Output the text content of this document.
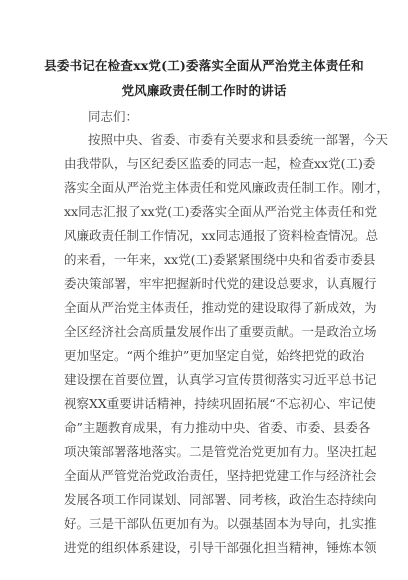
县委书记在检查xx党(工)委落实全面从严治党主体责任和
党风廉政责任制工作时的讲话
同志们：
按照中央、省委、市委有关要求和县委统一部署，今天
由我带队，与区纪委区监委的同志一起，检查xx党(工)委
落实全面从严治党主体责任和党风廉政责任制工作。刚才，
xx同志汇报了xx党(工)委落实全面从严治党主体责任和党
风廉政责任制工作情况，xx同志通报了资料检查情况。总
的来看，一年来，xx党(工)委紧紧围绕中央和省委市委县
委决策部署，牢牢把握新时代党的建设总要求，认真履行
全面从严治党主体责任，推动党的建设取得了新成效，为
全区经济社会高质量发展作出了重要贡献。一是政治立场
更加坚定。“两个维护”更加坚定自觉，始终把党的政治
建设摆在首要位置，认真学习宣传贯彻落实习近平总书记
视察XX重要讲话精神，持续巩固拓展“不忘初心、牢记使
命”主题教育成果，有力推动中央、省委、市委、县委各
项决策部署落地落实。二是管党治党更加有力。坚决扛起
全面从严管党治党政治责任，坚持把党建工作与经济社会
发展各项工作同谋划、同部署、同考核，政治生态持续向
好。三是干部队伍更加有为。以强基固本为导向，扎实推
进党的组织体系建设，引导干部强化担当精神，锤炼本领
